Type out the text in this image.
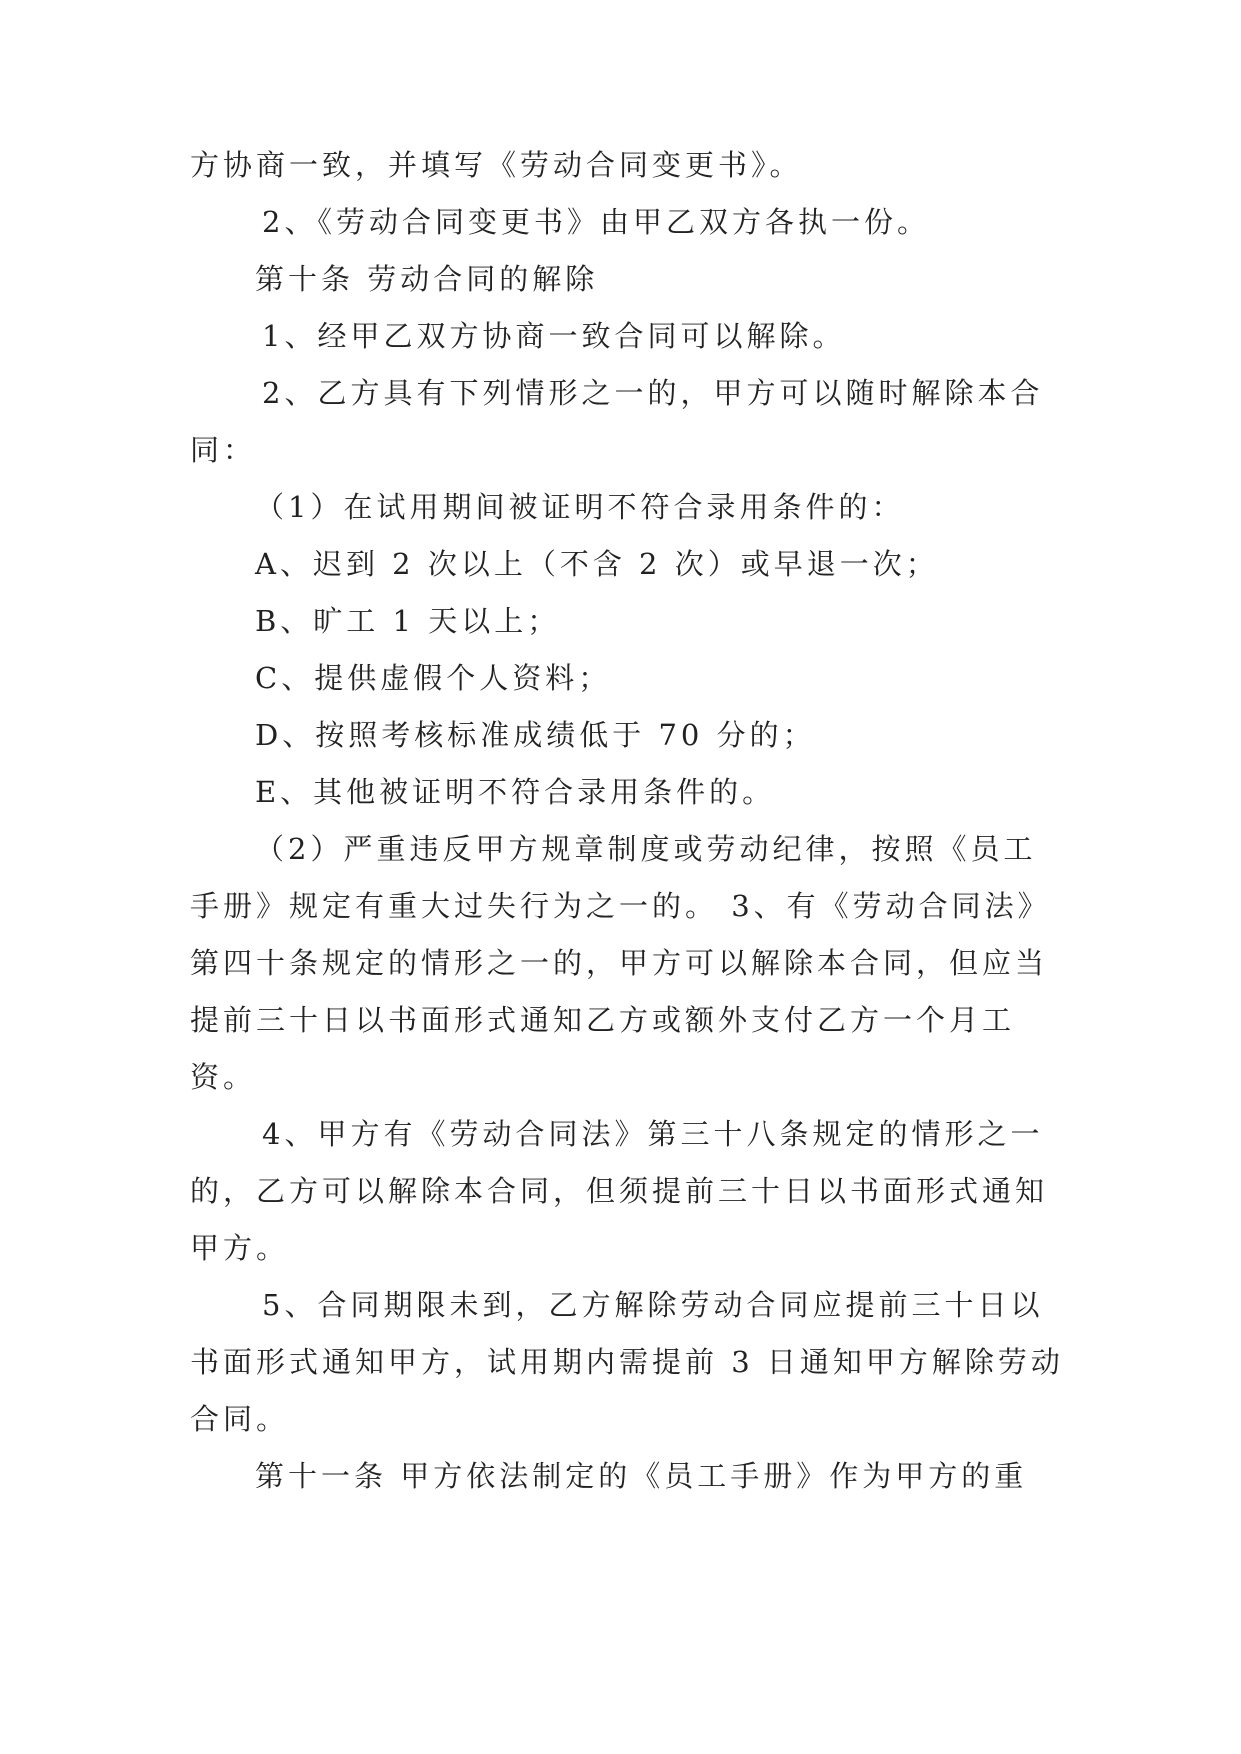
方协商一致，并填写《劳动合同变更书》。

2、《劳动合同变更书》由甲乙双方各执一份。

第十条 劳动合同的解除

1、经甲乙双方协商一致合同可以解除。

2、乙方具有下列情形之一的，甲方可以随时解除本合

同：

（1）在试用期间被证明不符合录用条件的：

A、迟到 2 次以上（不含 2 次）或早退一次；

B、旷工 1 天以上；

C、提供虚假个人资料；

D、按照考核标准成绩低于 70 分的；

E、其他被证明不符合录用条件的。

（2）严重违反甲方规章制度或劳动纪律，按照《员工

手册》规定有重大过失行为之一的。 3、有《劳动合同法》

第四十条规定的情形之一的，甲方可以解除本合同，但应当

提前三十日以书面形式通知乙方或额外支付乙方一个月工

资。

4、甲方有《劳动合同法》第三十八条规定的情形之一

的，乙方可以解除本合同，但须提前三十日以书面形式通知

甲方。

5、合同期限未到，乙方解除劳动合同应提前三十日以

书面形式通知甲方，试用期内需提前 3 日通知甲方解除劳动

合同。

第十一条 甲方依法制定的《员工手册》作为甲方的重
